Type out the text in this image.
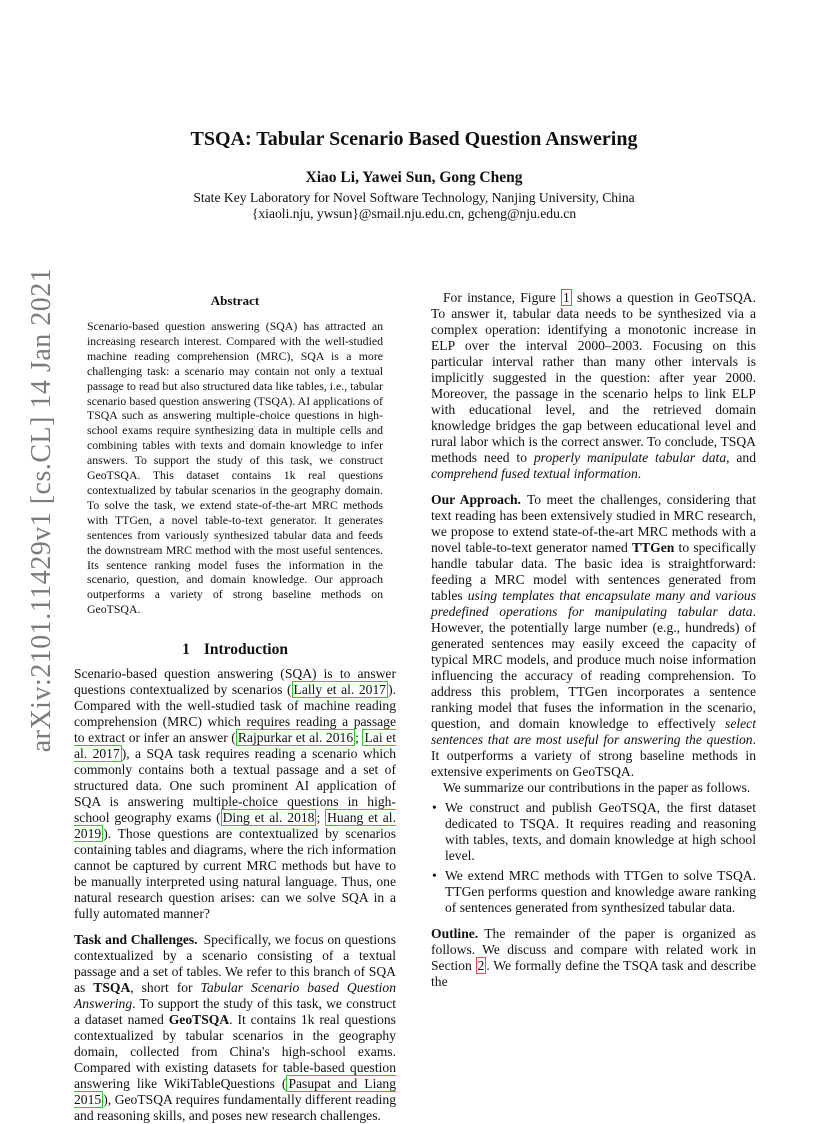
arXiv:2101.11429v1 [cs.CL] 14 Jan 2021
TSQA: Tabular Scenario Based Question Answering
Xiao Li, Yawei Sun, Gong Cheng
State Key Laboratory for Novel Software Technology, Nanjing University, China
{xiaoli.nju, ywsun}@smail.nju.edu.cn, gcheng@nju.edu.cn
Abstract

Scenario-based question answering (SQA) has attracted an increasing research interest. Compared with the well-studied machine reading comprehension (MRC), SQA is a more challenging task: a scenario may contain not only a textual passage to read but also structured data like tables, i.e., tabular scenario based question answering (TSQA). AI applications of TSQA such as answering multiple-choice questions in high-school exams require synthesizing data in multiple cells and combining tables with texts and domain knowledge to infer answers. To support the study of this task, we construct GeoTSQA. This dataset contains 1k real questions contextualized by tabular scenarios in the geography domain. To solve the task, we extend state-of-the-art MRC methods with TTGen, a novel table-to-text generator. It generates sentences from variously synthesized tabular data and feeds the downstream MRC method with the most useful sentences. Its sentence ranking model fuses the information in the scenario, question, and domain knowledge. Our approach outperforms a variety of strong baseline methods on GeoTSQA.

1 Introduction

Scenario-based question answering (SQA) is to answer questions contextualized by scenarios ( Lally et al. 2017 ). Compared with the well-studied task of machine reading comprehension (MRC) which requires reading a passage to extract or infer an answer ( Rajpurkar et al. 2016 ; Lai et al. 2017 ), a SQA task requires reading a scenario which commonly contains both a textual passage and a set of structured data. One such prominent AI application of SQA is answering multiple-choice questions in high-school geography exams ( Ding et al. 2018 ; Huang et al. 2019 ). Those questions are contextualized by scenarios containing tables and diagrams, where the rich information cannot be captured by current MRC methods but have to be manually interpreted using natural language. Thus, one natural research question arises: can we solve SQA in a fully automated manner?

Task and Challenges. Specifically, we focus on questions contextualized by a scenario consisting of a textual passage and a set of tables. We refer to this branch of SQA as TSQA, short for Tabular Scenario based Question Answering. To support the study of this task, we construct a dataset named GeoTSQA. It contains 1k real questions contextualized by tabular scenarios in the geography domain, collected from China's high-school exams. Compared with existing datasets for table-based question answering like WikiTableQuestions ( Pasupat and Liang 2015 ), GeoTSQA requires fundamentally different reading and reasoning skills, and poses new research challenges.

For instance, Figure 1 shows a question in GeoTSQA. To answer it, tabular data needs to be synthesized via a complex operation: identifying a monotonic increase in ELP over the interval 2000–2003. Focusing on this particular interval rather than many other intervals is implicitly suggested in the question: after year 2000. Moreover, the passage in the scenario helps to link ELP with educational level, and the retrieved domain knowledge bridges the gap between educational level and rural labor which is the correct answer. To conclude, TSQA methods need to properly manipulate tabular data, and comprehend fused textual information.

Our Approach. To meet the challenges, considering that text reading has been extensively studied in MRC research, we propose to extend state-of-the-art MRC methods with a novel table-to-text generator named TTGen to specifically handle tabular data. The basic idea is straightforward: feeding a MRC model with sentences generated from tables using templates that encapsulate many and various predefined operations for manipulating tabular data. However, the potentially large number (e.g., hundreds) of generated sentences may easily exceed the capacity of typical MRC models, and produce much noise information influencing the accuracy of reading comprehension. To address this problem, TTGen incorporates a sentence ranking model that fuses the information in the scenario, question, and domain knowledge to effectively select sentences that are most useful for answering the question. It outperforms a variety of strong baseline methods in extensive experiments on GeoTSQA.

We summarize our contributions in the paper as follows.

• We construct and publish GeoTSQA, the first dataset dedicated to TSQA. It requires reading and reasoning with tables, texts, and domain knowledge at high school level.
• We extend MRC methods with TTGen to solve TSQA. TTGen performs question and knowledge aware ranking of sentences generated from synthesized tabular data.

Outline. The remainder of the paper is organized as follows. We discuss and compare with related work in Section 2 . We formally define the TSQA task and describe the
